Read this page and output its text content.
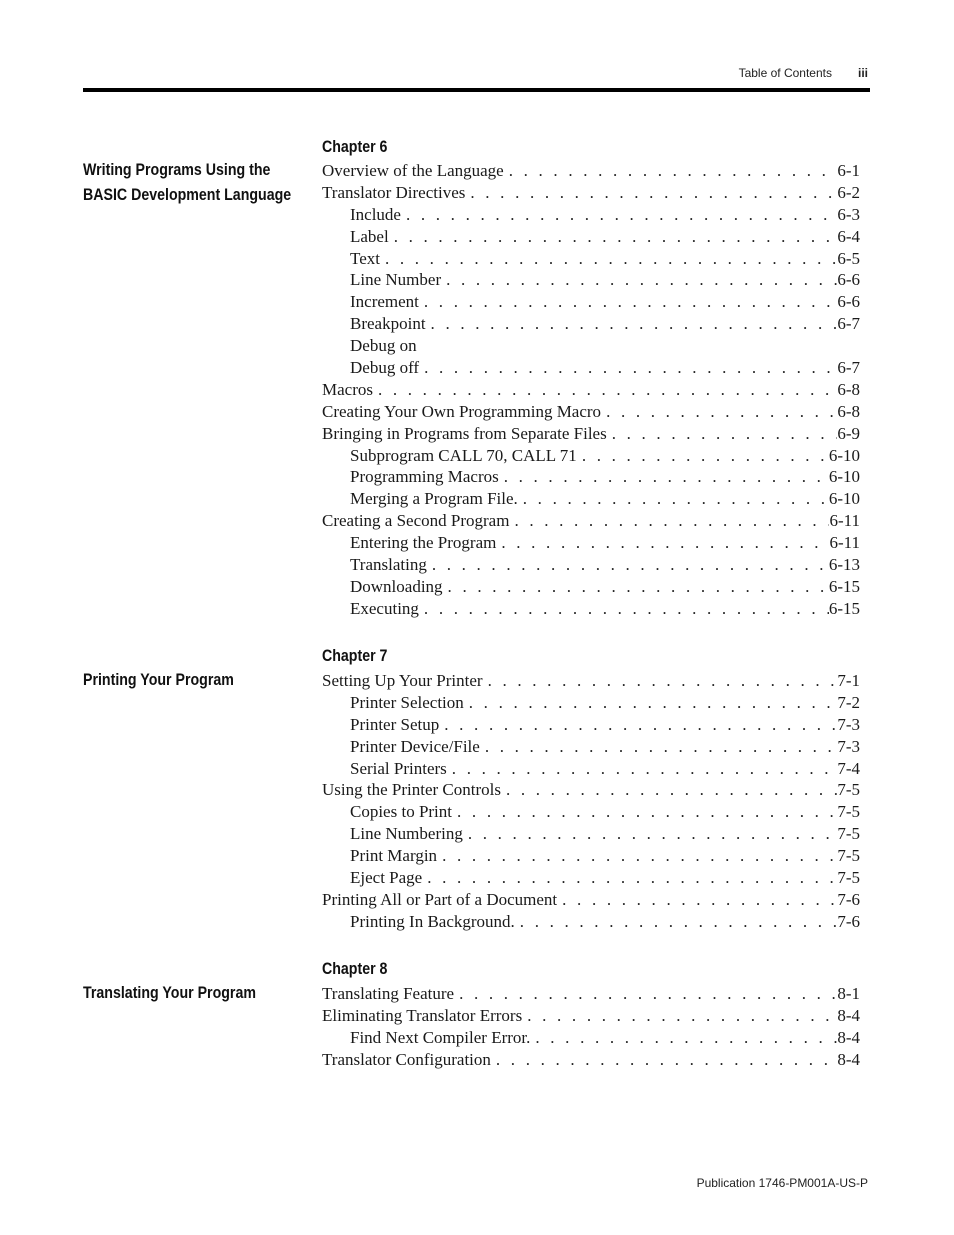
Table of Contents iii
Chapter 6
Writing Programs Using the
BASIC Development Language
Overview of the Language . . .	6-1
Translator Directives . . .	6-2
Include . . .	6-3
Label . . .	6-4
Text . . .	6-5
Line Number . . .	6-6
Increment . . .	6-6
Breakpoint . . .	6-7
Debug on
Debug off . . .	6-7
Macros . . .	6-8
Creating Your Own Programming Macro . . .	6-8
Bringing in Programs from Separate Files . . .	6-9
Subprogram CALL 70, CALL 71 . . .	6-10
Programming Macros . . .	6-10
Merging a Program File. . . .	6-10
Creating a Second Program . . .	6-11
Entering the Program . . .	6-11
Translating . . .	6-13
Downloading . . .	6-15
Executing . . .	6-15
Chapter 7
Printing Your Program	Setting Up Your Printer . . .	7-1
Printer Selection . . .	7-2
Printer Setup . . .	7-3
Printer Device/File . . .	7-3
Serial Printers . . .	7-4
Using the Printer Controls . . .	7-5
Copies to Print . . .	7-5
Line Numbering . . .	7-5
Print Margin . . .	7-5
Eject Page . . .	7-5
Printing All or Part of a Document . . .	7-6
Printing In Background. . . .	7-6
Chapter 8
Translating Your Program	Translating Feature . . .	8-1
Eliminating Translator Errors . . .	8-4
Find Next Compiler Error. . . .	8-4
Translator Configuration . . .	8-4
Publication 1746-PM001A-US-P
